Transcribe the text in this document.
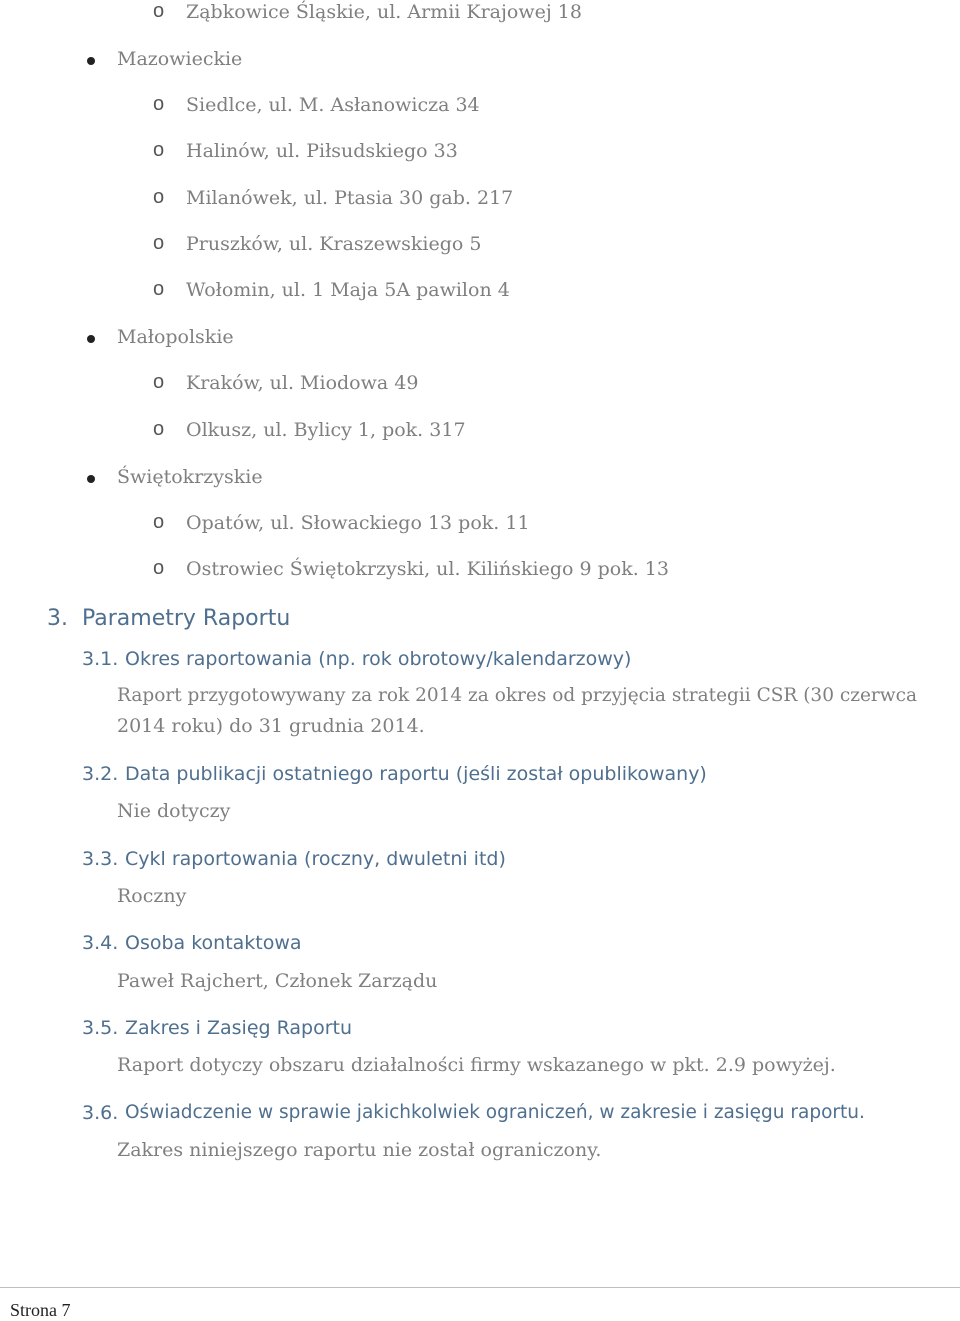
o Ząbkowice Śląskie, ul. Armii Krajowej 18
Mazowieckie
o Siedlce, ul. M. Asłanowicza 34
o Halinów, ul. Piłsudskiego 33
o Milanówek, ul. Ptasia 30 gab. 217
o Pruszków, ul. Kraszewskiego 5
o Wołomin, ul. 1 Maja 5A pawilon 4
Małopolskie
o Kraków, ul. Miodowa 49
o Olkusz, ul. Bylicy 1, pok. 317
Świętokrzyskie
o Opatów, ul. Słowackiego 13 pok. 11
o Ostrowiec Świętokrzyski, ul. Kilińskiego 9 pok. 13
3. Parametry Raportu
3.1. Okres raportowania (np. rok obrotowy/kalendarzowy)
Raport przygotowywany za rok 2014 za okres od przyjęcia strategii CSR (30 czerwca
2014 roku) do 31 grudnia 2014.
3.2. Data publikacji ostatniego raportu (jeśli został opublikowany)
Nie dotyczy
3.3. Cykl raportowania (roczny, dwuletni itd)
Roczny
3.4. Osoba kontaktowa
Paweł Rajchert, Członek Zarządu
3.5. Zakres i Zasięg Raportu
Raport dotyczy obszaru działalności firmy wskazanego w pkt. 2.9 powyżej.
3.6. Oświadczenie w sprawie jakichkolwiek ograniczeń, w zakresie i zasięgu raportu.
Zakres niniejszego raportu nie został ograniczony.
Strona 7
